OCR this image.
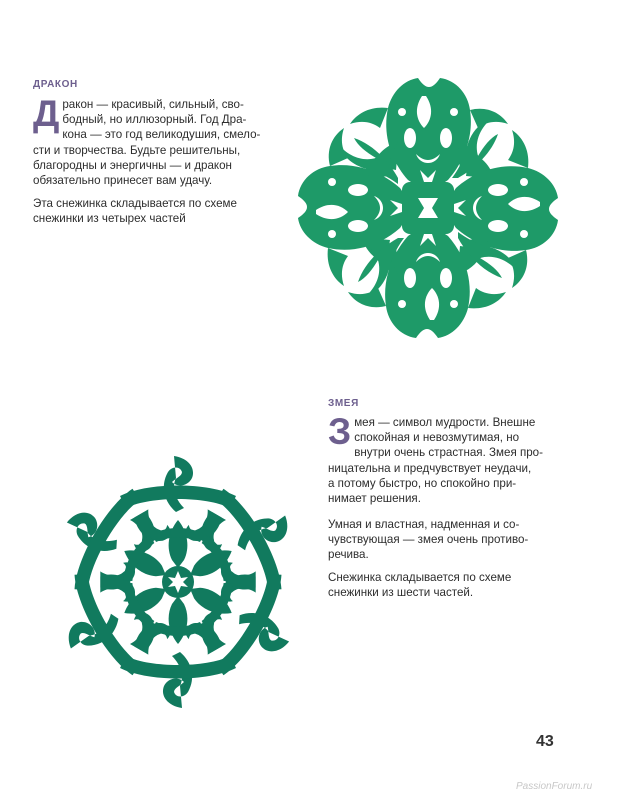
ДРАКОН

Д ракон — красивый, сильный, сво-
бодный, но иллюзорный. Год Дра-
кона — это год великодушия, смело-
сти и творчества. Будьте решительны,
благородны и энергичны — и дракон
обязательно принесет вам удачу.

Эта снежинка складывается по схеме
снежинки из четырех частей

ЗМЕЯ

З мея — символ мудрости. Внешне
спокойная и невозмутимая, но
внутри очень страстная. Змея про-
ницательна и предчувствует неудачи,
а потому быстро, но спокойно при-
нимает решения.

Умная и властная, надменная и со-
чувствующая — змея очень противо-
речива.

Снежинка складывается по схеме
снежинки из шести частей.

43
PassionForum.ru
